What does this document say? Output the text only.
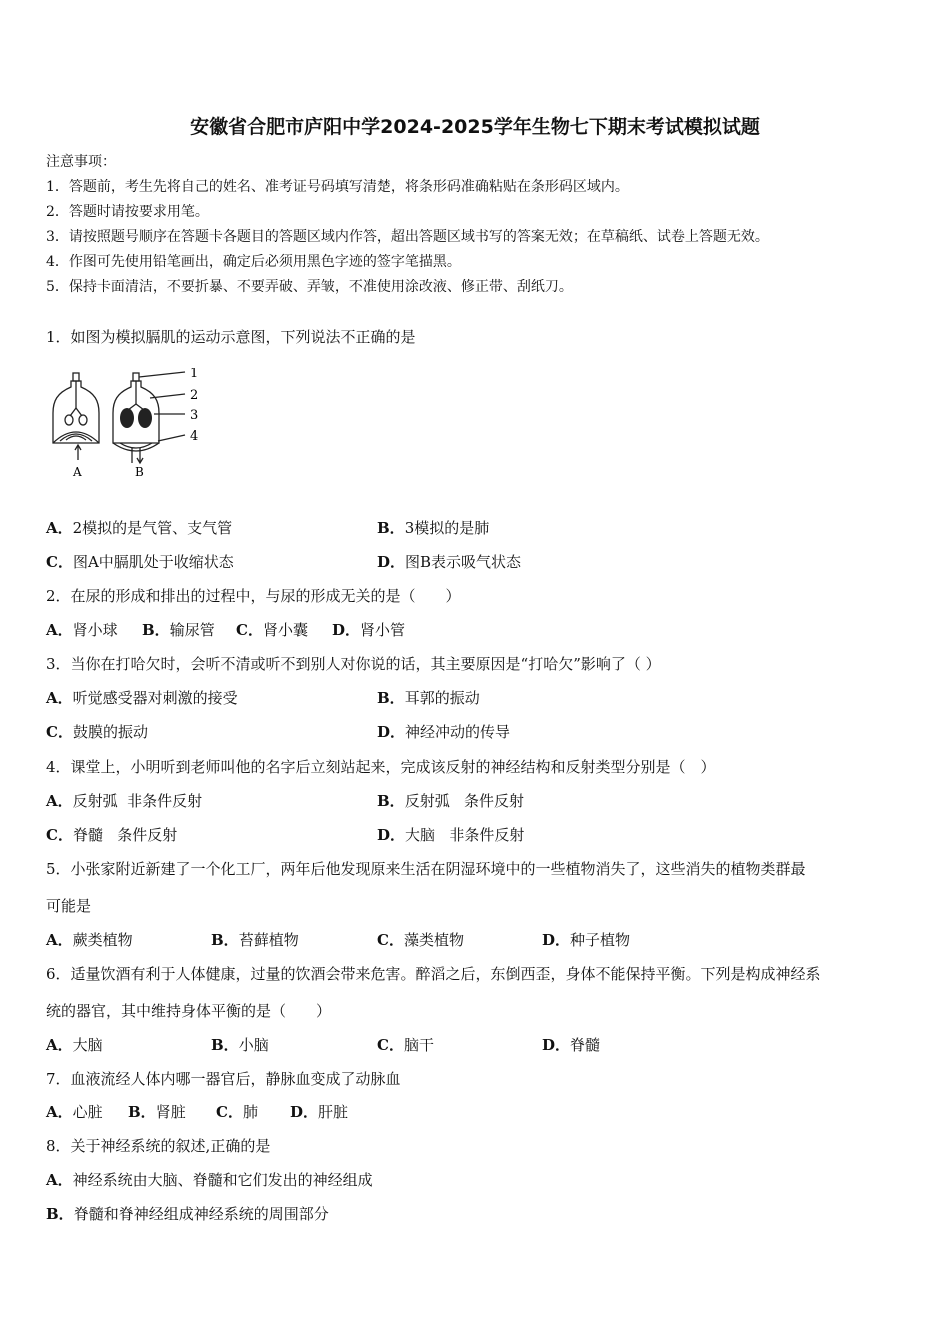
安徽省合肥市庐阳中学2024-2025学年生物七下期末考试模拟试题
注意事项：
1．答题前，考生先将自己的姓名、准考证号码填写清楚，将条形码准确粘贴在条形码区域内。
2．答题时请按要求用笔。
3．请按照题号顺序在答题卡各题目的答题区域内作答，超出答题区域书写的答案无效；在草稿纸、试卷上答题无效。
4．作图可先使用铅笔画出，确定后必须用黑色字迹的签字笔描黑。
5．保持卡面清洁，不要折暴、不要弄破、弄皱，不准使用涂改液、修正带、刮纸刀。
1．如图为模拟膈肌的运动示意图，下列说法不正确的是
1
2
3
4
A	B
A．2模拟的是气管、支气管	B．3模拟的是肺
C．图A中膈肌处于收缩状态	D．图B表示吸气状态
2．在尿的形成和排出的过程中，与尿的形成无关的是（　　）
A．肾小球 B．输尿管 C．肾小囊 D．肾小管
3．当你在打哈欠时，会听不清或听不到别人对你说的话，其主要原因是“打哈欠”影响了（ ）
A．听觉感受器对刺激的接受	B．耳郭的振动
C．鼓膜的振动	D．神经冲动的传导
4．课堂上，小明听到老师叫他的名字后立刻站起来，完成该反射的神经结构和反射类型分别是（　）
A．反射弧  非条件反射	B．反射弧   条件反射
C．脊髓   条件反射	D．大脑   非条件反射
5．小张家附近新建了一个化工厂，两年后他发现原来生活在阴湿环境中的一些植物消失了，这些消失的植物类群最
可能是
A．蕨类植物	B．苔藓植物	C．藻类植物	D．种子植物
6．适量饮酒有利于人体健康，过量的饮酒会带来危害。醉滔之后，东倒西歪，身体不能保持平衡。下列是构成神经系
统的器官，其中维持身体平衡的是（　　）
A．大脑	B．小脑	C．脑干	D．脊髓
7．血液流经人体内哪一器官后，静脉血变成了动脉血
A．心脏 B．肾脏 C．肺 D．肝脏
8．关于神经系统的叙述,正确的是
A．神经系统由大脑、脊髓和它们发出的神经组成
B．脊髓和脊神经组成神经系统的周围部分
